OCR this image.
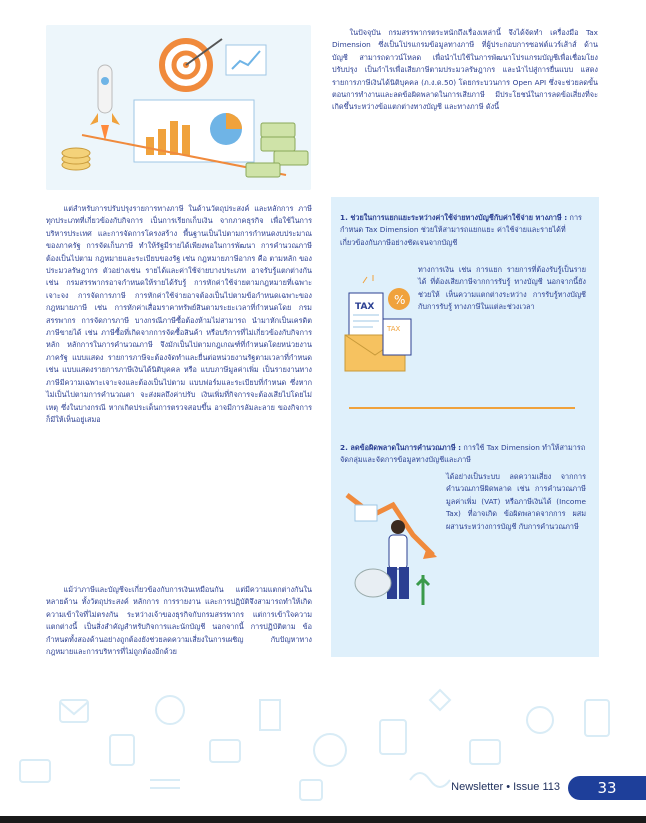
ในปัจจุบัน กรมสรรพากรตระหนักถึงเรื่องเหล่านี้ จึงได้จัดทำ เครื่องมือ Tax Dimension ซึ่งเป็นโปรแกรมข้อมูลทางภาษี ที่ผู้ประกอบการซอฟต์แวร์เส้าส์ ด้านบัญชี สามารถดาวน์โหลด เพื่อนำไปใช้ในการพัฒนาโปรแกรมบัญชีเพื่อเชื่อมโยงปรับปรุง เป็นกำไรเพื่อเสียภาษีตามประมวลรัษฎากร และนำไปสู่การยื่นแบบ แสดงรายการภาษีเงินได้นิติบุคคล (ภ.ง.ด.50) โดยกระบวนการ Open API ซึ่งจะช่วยลดขั้นตอนการทำงานและลดข้อผิดพลาดในการเสียภาษี มีประโยชน์ในการลดข้อเสี่ยงที่จะเกิดขึ้นระหว่างข้อแตกต่างทางบัญชี และทางภาษี ดังนี้

แต่สำหรับการปรับปรุงรายการทางภาษี ในด้านวัตถุประสงค์ และหลักการ ภาษีทุกประเภทที่เกี่ยวข้องกับกิจการ เป็นการเรียกเก็บเงิน จากภาคธุรกิจ เพื่อใช้ในการบริหารประเทศ และการจัดการโครงสร้าง พื้นฐานเป็นไปตามการกำหนดงบประมาณของภาครัฐ การจัดเก็บภาษี ทำให้รัฐมีรายได้เพียงพอในการพัฒนา การคำนวณภาษีต้องเป็นไปตาม กฎหมายและระเบียบของรัฐ เช่น กฎหมายภาษีอากร คือ ตามหลัก ของประมวลรัษฎากร ตัวอย่างเช่น รายได้และค่าใช้จ่ายบางประเภท อาจรับรู้แตกต่างกัน เช่น กรมสรรพากรอาจกำหนดให้รายได้รับรู้ การหักค่าใช้จ่ายตามกฎหมายที่เฉพาะเจาะจง การจัดการภาษี การหักค่าใช้จ่ายอาจต้องเป็นไปตามข้อกำหนดเฉพาะของกฎหมายภาษี เช่น การหักค่าเสื่อมราคาทรัพย์สินตามระยะเวลาที่กำหนดโดย กรมสรรพากร การจัดการภาษี บางกรณีภาษีซื้อต้องห้ามไม่สามารถ นำมาหักเป็นเครดิตภาษีขายได้ เช่น ภาษีซื้อที่เกิดจากการจัดซื้อสินค้า หรือบริการที่ไม่เกี่ยวข้องกับกิจการหลัก หลักการในการคำนวณภาษี จึงมักเป็นไปตามกฎเกณฑ์ที่กำหนดโดยหน่วยงานภาครัฐ แบบแสดง รายการภาษีจะต้องจัดทำและยื่นต่อหน่วยงานรัฐตามเวลาที่กำหนด เช่น แบบแสดงรายการภาษีเงินได้นิติบุคคล หรือ แบบภาษีมูลค่าเพิ่ม เป็นรายงานทางภาษีมีความเฉพาะเจาะจงและต้องเป็นไปตาม แบบฟอร์มและระเบียบที่กำหนด ซึ่งหากไม่เป็นไปตามการคำนวณตา จะส่งผลถึงค่าปรับ เงินเพิ่มที่กิจการจะต้องเสียไปโดยไม่เหตุ ซึ่งในบางกรณี หากเกิดประเด็นการตรวจสอบขึ้น อาจมีการลัมละลาย ของกิจการก็มีให้เห็นอยู่เสมอ

แม้ว่าภาษีและบัญชีจะเกี่ยวข้องกับการเงินเหมือนกัน แต่มีความแตกต่างกันในหลายด้าน ทั้งวัตถุประสงค์ หลักการ การรายงาน และการปฏิบัติจึงสามารถทำให้เกิดความเข้าใจที่ไม่ตรงกัน ระหว่างเจ้าของธุรกิจกับกรมสรรพากร แต่การเข้าใจความแตกต่างนี้ เป็นสิ่งสำคัญสำหรับกิจการและนักบัญชี นอกจากนี้ การปฏิบัติตาม ข้อกำหนดทั้งสองด้านอย่างถูกต้องยังช่วยลดความเสี่ยงในการเผชิญ กับปัญหาทางกฎหมายและการบริหารที่ไม่ถูกต้องอีกด้วย

1. ช่วยในการแยกแยะระหว่างค่าใช้จ่ายทางบัญชีกับค่าใช้จ่าย ทางภาษี : การกำหนด Tax Dimension ช่วยให้สามารถแยกแยะ ค่าใช้จ่ายและรายได้ที่เกี่ยวข้องกับภาษีอย่างชัดเจนจากบัญชี
ทางการเงิน เช่น การแยก รายการที่ต้องรับรู้เป็นรายได้ ที่ต้องเสียภาษีจากการรับรู้ ทางบัญชี นอกจากนี้ยังช่วยให้ เห็นความแตกต่างระหว่าง การรับรู้ทางบัญชีกับการรับรู้ ทางภาษีในแต่ละช่วงเวลา
TAX %
TAX
2. ลดข้อผิดพลาดในการคำนวณภาษี : การใช้ Tax Dimension ทำให้สามารถจัดกลุ่มและจัดการข้อมูลทางบัญชีและภาษี
ได้อย่างเป็นระบบ ลดความเสี่ยง จากการคำนวณภาษีผิดพลาด เช่น การคำนวณภาษีมูลค่าเพิ่ม (VAT) หรือภาษีเงินได้ (Income Tax) ที่อาจเกิด ข้อผิดพลาดจากการ ผสมผสานระหว่างการบัญชี กับการคำนวณภาษี
Newsletter • Issue 113	33
